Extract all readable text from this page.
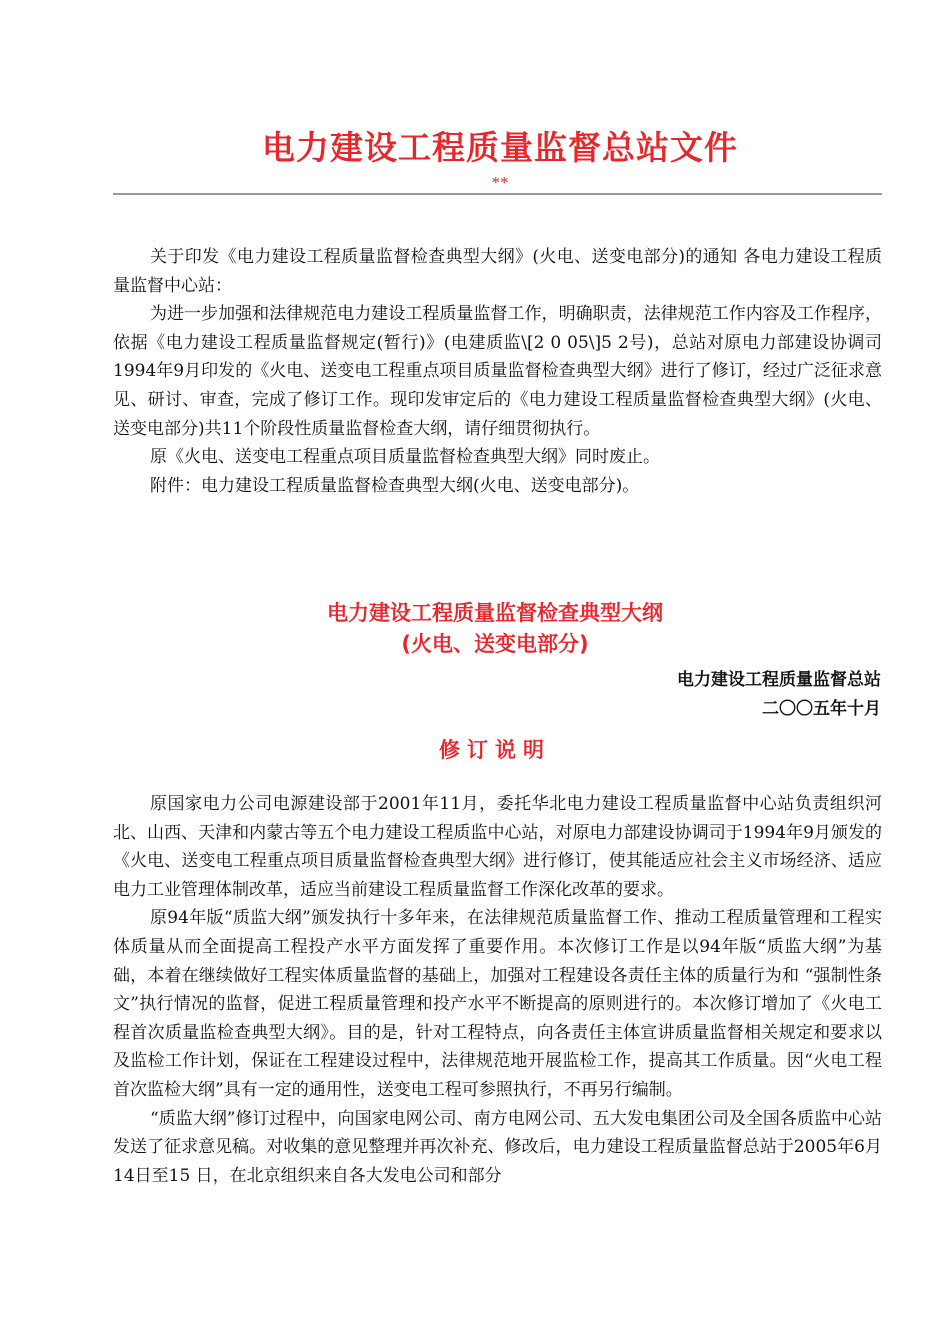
电力建设工程质量监督总站文件

**

关于印发《电力建设工程质量监督检查典型大纲》(火电、送变电部分)的通知 各电力建设工程质量监督中心站：

为进一步加强和法律规范电力建设工程质量监督工作，明确职责，法律规范工作内容及工作程序，依据《电力建设工程质量监督规定(暂行)》(电建质监\[2 0 05\]5 2号)，总站对原电力部建设协调司1994年9月印发的《火电、送变电工程重点项目质量监督检查典型大纲》进行了修订，经过广泛征求意见、研讨、审查，完成了修订工作。现印发审定后的《电力建设工程质量监督检查典型大纲》(火电、送变电部分)共11个阶段性质量监督检查大纲，请仔细贯彻执行。

原《火电、送变电工程重点项目质量监督检查典型大纲》同时废止。

附件：电力建设工程质量监督检查典型大纲(火电、送变电部分)。

电力建设工程质量监督检查典型大纲
(火电、送变电部分)

电力建设工程质量监督总站

二〇〇五年十月

修订说明

原国家电力公司电源建设部于2001年11月，委托华北电力建设工程质量监督中心站负责组织河北、山西、天津和内蒙古等五个电力建设工程质监中心站，对原电力部建设协调司于1994年9月颁发的《火电、送变电工程重点项目质量监督检查典型大纲》进行修订，使其能适应社会主义市场经济、适应电力工业管理体制改革，适应当前建设工程质量监督工作深化改革的要求。

原94年版“质监大纲”颁发执行十多年来，在法律规范质量监督工作、推动工程质量管理和工程实体质量从而全面提高工程投产水平方面发挥了重要作用。本次修订工作是以94年版“质监大纲”为基础，本着在继续做好工程实体质量监督的基础上，加强对工程建设各责任主体的质量行为和 “强制性条文”执行情况的监督，促进工程质量管理和投产水平不断提高的原则进行的。本次修订增加了《火电工程首次质量监检查典型大纲》。目的是，针对工程特点，向各责任主体宣讲质量监督相关规定和要求以及监检工作计划，保证在工程建设过程中，法律规范地开展监检工作，提高其工作质量。因“火电工程首次监检大纲”具有一定的通用性，送变电工程可参照执行，不再另行编制。

“质监大纲”修订过程中，向国家电网公司、南方电网公司、五大发电集团公司及全国各质监中心站发送了征求意见稿。对收集的意见整理并再次补充、修改后，电力建设工程质量监督总站于2005年6月14日至15 日，在北京组织来自各大发电公司和部分
